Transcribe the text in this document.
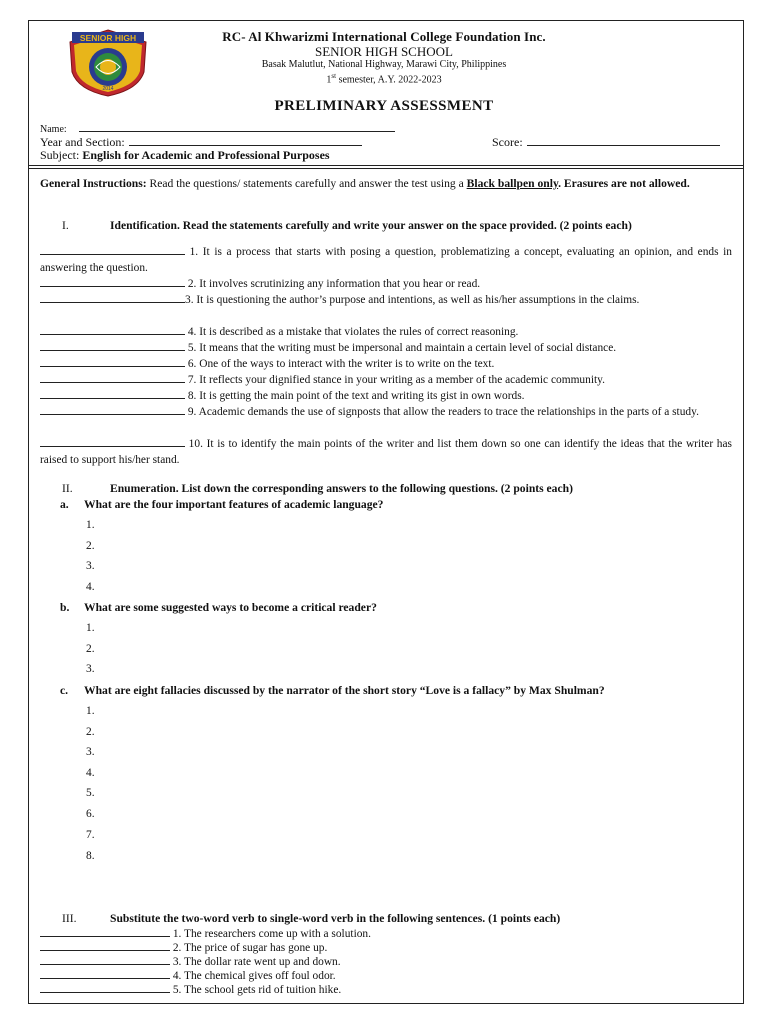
SENIOR HIGH
2014
RC- Al Khwarizmi International College Foundation Inc.
SENIOR HIGH SCHOOL
Basak Malutlut, National Highway, Marawi City, Philippines
1st semester, A.Y. 2022-2023
PRELIMINARY ASSESSMENT
Name:
Year and Section:	Score:
Subject: English for Academic and Professional Purposes
General Instructions: Read the questions/ statements carefully and answer the test using a Black ballpen only. Erasures are not allowed.
I.	Identification. Read the statements carefully and write your answer on the space provided. (2 points each)
1. It is a process that starts with posing a question, problematizing a concept, evaluating an opinion, and ends in answering the question.
2. It involves scrutinizing any information that you hear or read.
3. It is questioning the author’s purpose and intentions, as well as his/her assumptions in the claims.
4. It is described as a mistake that violates the rules of correct reasoning.
5. It means that the writing must be impersonal and maintain a certain level of social distance.
6. One of the ways to interact with the writer is to write on the text.
7. It reflects your dignified stance in your writing as a member of the academic community.
8. It is getting the main point of the text and writing its gist in own words.
9. Academic demands the use of signposts that allow the readers to trace the relationships in the parts of a study.
10. It is to identify the main points of the writer and list them down so one can identify the ideas that the writer has raised to support his/her stand.
II.	Enumeration. List down the corresponding answers to the following questions. (2 points each)
a. What are the four important features of academic language?
1.
2.
3.
4.
b. What are some suggested ways to become a critical reader?
1.
2.
3.
c. What are eight fallacies discussed by the narrator of the short story “Love is a fallacy” by Max Shulman?
1.
2.
3.
4.
5.
6.
7.
8.
III.	Substitute the two-word verb to single-word verb in the following sentences. (1 points each)
1. The researchers come up with a solution.
2. The price of sugar has gone up.
3. The dollar rate went up and down.
4. The chemical gives off foul odor.
5. The school gets rid of tuition hike.
